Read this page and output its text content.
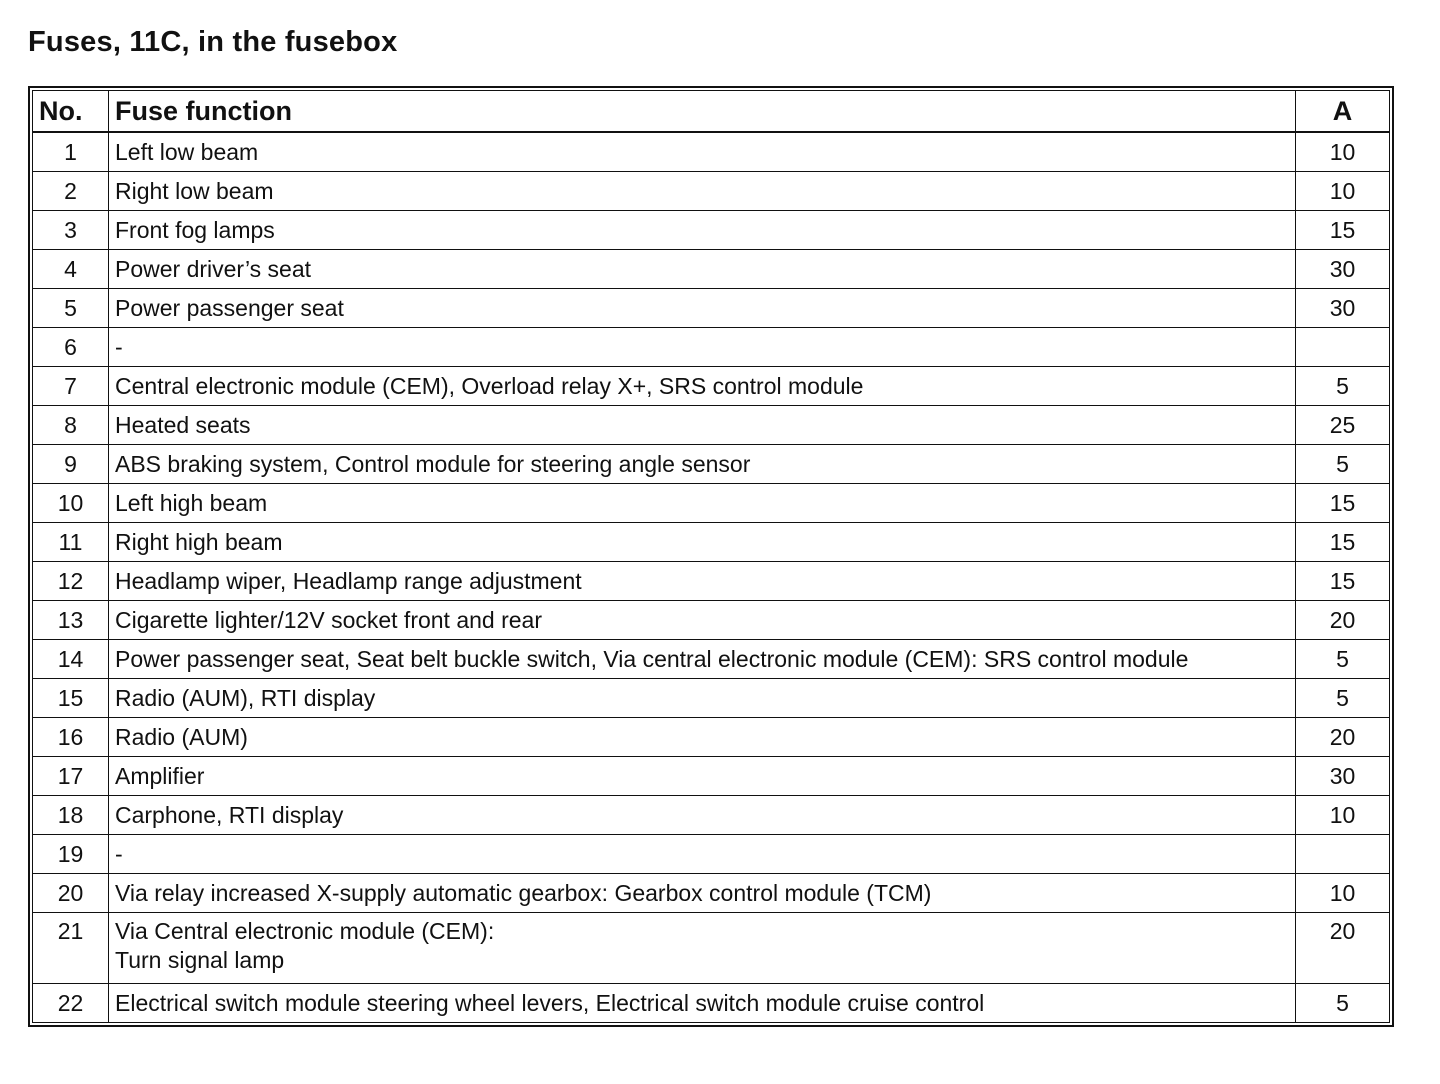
Fuses, 11C, in the fusebox
No.	Fuse function	A
1	Left low beam	10
2	Right low beam	10
3	Front fog lamps	15
4	Power driver’s seat	30
5	Power passenger seat	30
6	-	
7	Central electronic module (CEM), Overload relay X+, SRS control module	5
8	Heated seats	25
9	ABS braking system, Control module for steering angle sensor	5
10	Left high beam	15
11	Right high beam	15
12	Headlamp wiper, Headlamp range adjustment	15
13	Cigarette lighter/12V socket front and rear	20
14	Power passenger seat, Seat belt buckle switch, Via central electronic module (CEM): SRS control module	5
15	Radio (AUM), RTI display	5
16	Radio (AUM)	20
17	Amplifier	30
18	Carphone, RTI display	10
19	-	
20	Via relay increased X-supply automatic gearbox: Gearbox control module (TCM)	10
21	Via Central electronic module (CEM):
Turn signal lamp	20
22	Electrical switch module steering wheel levers, Electrical switch module cruise control	5
